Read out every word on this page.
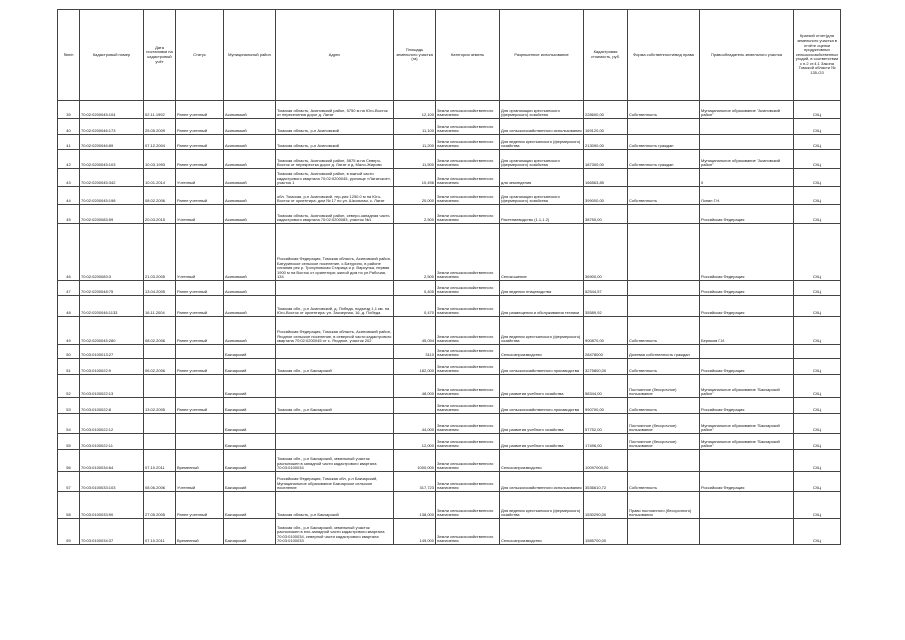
№п/п	Кадастровый номер	Дата постановки на кадастровый учёт	Статус	Муниципальный район	Адрес	Площадь земельного участка (га)	Категория земель	Разрешенное использование	Кадастровая стоимость, руб.	Форма собственности/вид права	Правообладатель земельного участка	Краткий отчет(для земельного участка в отчёте оценки продуктивных сельскохозяйственных угодий, в соответствии с п.2 ст.4.1 Закона Томской области № 135-ОЗ
39	70:02:0200045:104	02.11.1992	Ранее учтенный	Асиновский	Томская область, Асиновский район, 5750 м на Юго-Восток от пересечения дорог д. Латат	12,100	Земли сельскохозяйственного назначения	Для организации крестьянского (фермерского) хозяйства	228600,00	Собственность	Муниципальное образование "Асиновский район"	СХЦ
40	70:02:0200046:173	25.05.2009	Ранее учтенный	Асиновский	Томская область, р-н Асиновский	11,100	Земли сельскохозяйственного назначения	Для сельскохозяйственного использования	169120,00			СХЦ
41	70:02:0200046:89	07.12.2004	Ранее учтенный	Асиновский	Томская область, р-н Асиновский	11,200	Земли сельскохозяйственного назначения	Для ведения крестьянского (фермерского) хозяйства	213090,00	Собственность граждан		СХЦ
42	70:02:0200045:103	10.03.1993	Ранее учтенный	Асиновский	Томская область, Асиновский район, 5875 м на Северо-Восток от перекрестка дорог д. Латат и д. Мало-Жирово	11,500	Земли сельскохозяйственного назначения	Для организации крестьянского (фермерского) хозяйства	187300,00	Собственность граждан	Муниципальное образование "Асиновский район"	СХЦ
43	70:02:0200045:342	10.01.2014	Учтенный	Асиновский	Томская область, Асиновский район, в южной части кадастрового квартала 70:02:0200045, урочище «Лататское», участок 1	10,496	Земли сельскохозяйственного назначения	для земледелия	166563,85		0	СХЦ
44	70:02:0200045:198	08.02.2006	Ранее учтенный	Асиновский	обл. Томская, р-н Асиновский, тер-рия 1250.0 м на Юго-Восток от ориентира: дом № 17 по ул. Школьная, с. Латат	20,000	Земли сельскохозяйственного назначения	Для организации крестьянского (фермерского) хозяйства	399000,00	Собственность	Лопин Г.Н.	СХЦ
45	70:02:0200083:59	20.03.2015	Учтенный	Асиновский	Томская область, Асиновский район, северо-западная часть кадастрового квартала 70:02:0200083, участок №1	2,500	Земли сельскохозяйственного назначения	Растениеводство (1.1,1.2)	38750,00		Российская Федерация	СХЦ
46	70:02:0200083:3	21.03.2005	Учтенный	Асиновский	Российская Федерация, Томская область, Асиновский район, Батуринское сельское поселение, с.Батурино, в районе слияния рек р. Трохуповская Старица и р. Варсунья, первая 1900 м на Восток от ориентира: жилой дом по ул.Рабочая, 134	2,500	Земли сельскохозяйственного назначения	Сенокошение	36900,00		Российская Федерация	СХЦ
47	70:02:0200048:75	13.04.2005	Ранее учтенный	Асиновский		0,405	Земли сельскохозяйственного назначения	Для ведения птицеводства	52544,57		Российская Федерация	СХЦ
48	70:02:0200046:1133	16.11.2004	Ранее учтенный	Асиновский	Томская обл., р-н Асиновский, д. Победа, подъезд 1,1 км. на Юго-Восток от ориентира: ул. Заозерная, 16, д. Победа	0,470	Земли сельскохозяйственного назначения	Для размещения и обслуживания техники	35589,92		Российская Федерация	СХЦ
49	70:02:0200045:280	08.02.2006	Ранее учтенный	Асиновский	Российская Федерация, Томская область, Асиновский район, Ягодное сельское поселение, в северной части кадастрового квартала 70:02:0200045 от с. Ягодное, участок 202	45,094	Земли сельскохозяйственного назначения	Для ведения крестьянского (фермерского) хозяйства	900870,00	Собственность	Берюков Г.И.	СХЦ
50	70:03:0100013:27			Бакчарский		3110	Земли сельскохозяйственного назначения	Сельхозпроизводство	28478000	Долевая собственность граждан		
51	70:03:0100022:9	06.02.2006	Ранее учтенный	Бакчарский	Томская обл., р-н Бакчарский	182,000	Земли сельскохозяйственного назначения	Для сельскохозяйственного производства	3275800,00	Собственность	Российская Федерация	СХЦ
52	70:03:0100022:13			Бакчарский		48,000	Земли сельскохозяйственного назначения	Для развития учебного хозяйства	58344,00	Постоянное (бессрочное) пользование	Муниципальное образование "Бакчарский район"	СХЦ
53	70:03:0100022:8	13.02.2005	Ранее учтенный	Бакчарский	Томская обл., р-н Бакчарский		Земли сельскохозяйственного назначения	Для сельскохозяйственного производства	990700,00	Собственность	Российская Федерация	СХЦ
54	70:03:0100022:12			Бакчарский		44,000	Земли сельскохозяйственного назначения	Для развития учебного хозяйства	57752,00	Постоянное (бессрочное) пользование	Муниципальное образование "Бакчарский район"	СХЦ
55	70:03:0100022:11			Бакчарский		12,000	Земли сельскохозяйственного назначения	Для развития учебного хозяйства	17496,00	Постоянное (бессрочное) пользование	Муниципальное образование "Бакчарский район"	СХЦ
56	70:03:0100034:64	07.10.2011	Временный	Бакчарский	Томская обл., р-н Бакчарский, земельный участок расположен в западной части кадастрового квартала 70:03:0100034	1000,000	Земли сельскохозяйственного назначения	Сельхозпроизводство	10097000,00			СХЦ
57	70:03:0100033:103	08.06.2006	Учтенный	Бакчарский	Российская Федерация, Томская обл, р-н Бакчарский, Муниципальное образование Бакчарское сельское поселение	317,723	Земли сельскохозяйственного назначения	Для сельскохозяйственного использования	3536610,72	Собственность	Российская Федерация	СХЦ
58	70:03:0100033:90	27.05.2005	Ранее учтенный	Бакчарский	Томская область, р-н Бакчарский	138,000	Земли сельскохозяйственного назначения	Для ведения крестьянского (фермерского) хозяйства	1530290,00	Право постоянного (бессрочного) пользования		СХЦ
59	70:03:0100034:37	07.10.2011	Временный	Бакчарский	Томская обл., р-н Бакчарский, земельный участок расположен в юго-западной части кадастрового квартала 70:03:0100034, северной части кадастрового квартала 70:03:0100033	149,000	Земли сельскохозяйственного назначения	Сельхозпроизводство	1585700,00			СХЦ
